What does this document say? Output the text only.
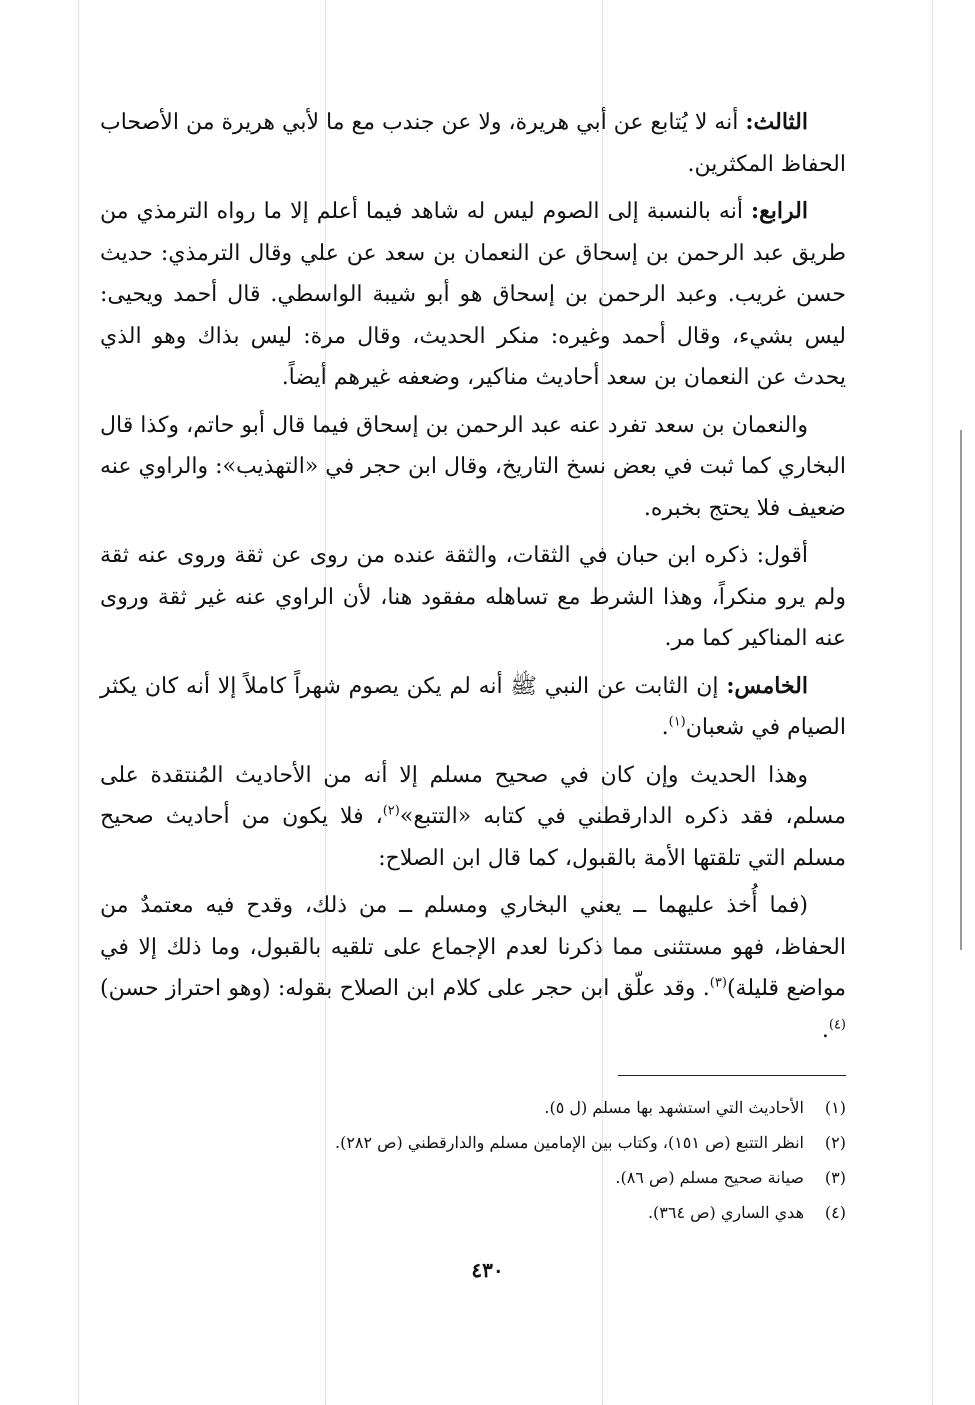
الثالث: أنه لا يُتابع عن أبي هريرة، ولا عن جندب مع ما لأبي هريرة من الأصحاب الحفاظ المكثرين.

الرابع: أنه بالنسبة إلى الصوم ليس له شاهد فيما أعلم إلا ما رواه الترمذي من طريق عبد الرحمن بن إسحاق عن النعمان بن سعد عن علي وقال الترمذي: حديث حسن غريب. وعبد الرحمن بن إسحاق هو أبو شيبة الواسطي. قال أحمد ويحيى: ليس بشيء، وقال أحمد وغيره: منكر الحديث، وقال مرة: ليس بذاك وهو الذي يحدث عن النعمان بن سعد أحاديث مناكير، وضعفه غيرهم أيضاً.

والنعمان بن سعد تفرد عنه عبد الرحمن بن إسحاق فيما قال أبو حاتم، وكذا قال البخاري كما ثبت في بعض نسخ التاريخ، وقال ابن حجر في «التهذيب»: والراوي عنه ضعيف فلا يحتج بخبره.

أقول: ذكره ابن حبان في الثقات، والثقة عنده من روى عن ثقة وروى عنه ثقة ولم يرو منكراً، وهذا الشرط مع تساهله مفقود هنا، لأن الراوي عنه غير ثقة وروى عنه المناكير كما مر.

الخامس: إن الثابت عن النبي ﷺ أنه لم يكن يصوم شهراً كاملاً إلا أنه كان يكثر الصيام في شعبان$^{(١)}$.

وهذا الحديث وإن كان في صحيح مسلم إلا أنه من الأحاديث المُنتقدة على مسلم، فقد ذكره الدارقطني في كتابه «التتبع»$^{(٢)}$، فلا يكون من أحاديث صحيح مسلم التي تلقتها الأمة بالقبول، كما قال ابن الصلاح:

(فما أُخذ عليهما ــ يعني البخاري ومسلم ــ من ذلك، وقدح فيه معتمدٌ من الحفاظ، فهو مستثنى مما ذكرنا لعدم الإجماع على تلقيه بالقبول، وما ذلك إلا في مواضع قليلة)$^{(٣)}$. وقد علّق ابن حجر على كلام ابن الصلاح بقوله: (وهو احتراز حسن)$^{(٤)}$.

(١)
الأحاديث التي استشهد بها مسلم (ل ٥).
(٢)
انظر التتبع (ص ١٥١)، وكتاب بين الإمامين مسلم والدارقطني (ص ٢٨٢).
(٣)
صيانة صحيح مسلم (ص ٨٦).
(٤)
هدي الساري (ص ٣٦٤).
٤٣٠
